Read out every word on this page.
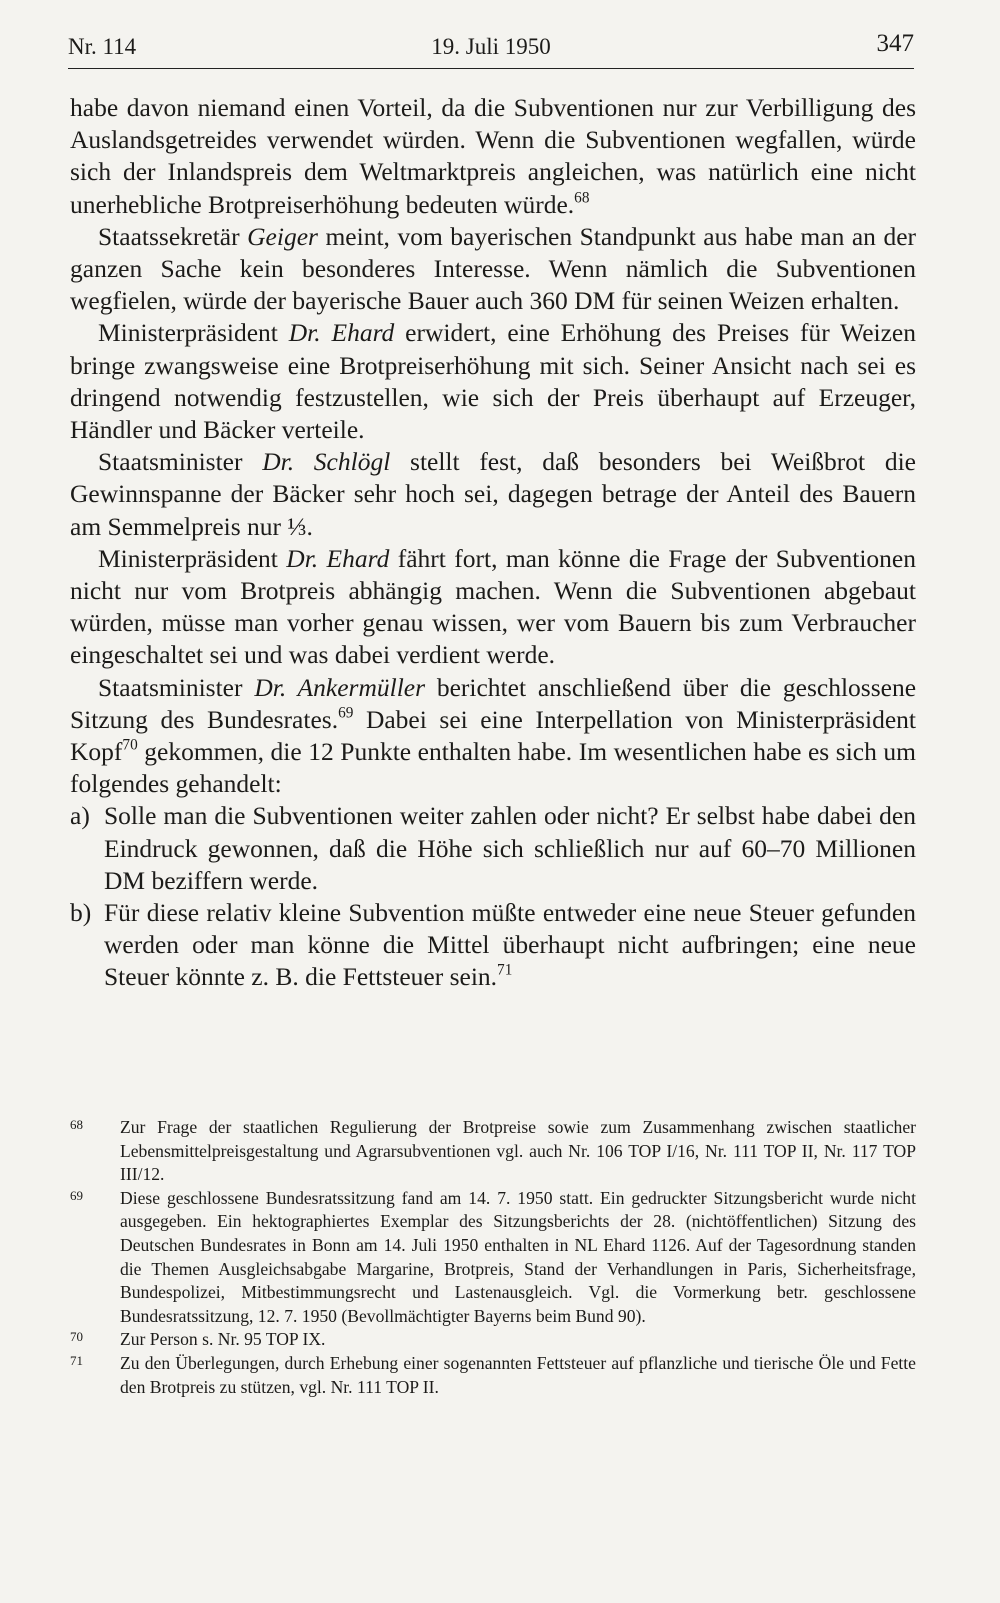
Nr. 114	19. Juli 1950	347

habe davon niemand einen Vorteil, da die Subventionen nur zur Verbilligung des Auslandsgetreides verwendet würden. Wenn die Subventionen wegfallen, würde sich der Inlandspreis dem Weltmarktpreis angleichen, was natürlich eine nicht unerhebliche Brotpreiserhöhung bedeuten würde.$^{68}$

Staatssekretär Geiger meint, vom bayerischen Standpunkt aus habe man an der ganzen Sache kein besonderes Interesse. Wenn nämlich die Subventionen wegfielen, würde der bayerische Bauer auch 360 DM für seinen Weizen erhalten.

Ministerpräsident Dr. Ehard erwidert, eine Erhöhung des Preises für Weizen bringe zwangsweise eine Brotpreiserhöhung mit sich. Seiner Ansicht nach sei es dringend notwendig festzustellen, wie sich der Preis überhaupt auf Erzeuger, Händler und Bäcker verteile.

Staatsminister Dr. Schlögl stellt fest, daß besonders bei Weißbrot die Gewinnspanne der Bäcker sehr hoch sei, dagegen betrage der Anteil des Bauern am Semmelpreis nur ⅓.

Ministerpräsident Dr. Ehard fährt fort, man könne die Frage der Subventionen nicht nur vom Brotpreis abhängig machen. Wenn die Subventionen abgebaut würden, müsse man vorher genau wissen, wer vom Bauern bis zum Verbraucher eingeschaltet sei und was dabei verdient werde.

Staatsminister Dr. Ankermüller berichtet anschließend über die geschlossene Sitzung des Bundesrates.$^{69}$ Dabei sei eine Interpellation von Ministerpräsident Kopf$^{70}$ gekommen, die 12 Punkte enthalten habe. Im wesentlichen habe es sich um folgendes gehandelt:

a) Solle man die Subventionen weiter zahlen oder nicht? Er selbst habe dabei den Eindruck gewonnen, daß die Höhe sich schließlich nur auf 60–70 Millionen DM beziffern werde.
b) Für diese relativ kleine Subvention müßte entweder eine neue Steuer gefunden werden oder man könne die Mittel überhaupt nicht aufbringen; eine neue Steuer könnte z. B. die Fettsteuer sein.$^{71}$
68 Zur Frage der staatlichen Regulierung der Brotpreise sowie zum Zusammenhang zwischen staatlicher Lebensmittelpreisgestaltung und Agrarsubventionen vgl. auch Nr. 106 TOP I/16, Nr. 111 TOP II, Nr. 117 TOP III/12.
69 Diese geschlossene Bundesratssitzung fand am 14. 7. 1950 statt. Ein gedruckter Sitzungsbericht wurde nicht ausgegeben. Ein hektographiertes Exemplar des Sitzungsberichts der 28. (nichtöffentlichen) Sitzung des Deutschen Bundesrates in Bonn am 14. Juli 1950 enthalten in NL Ehard 1126. Auf der Tagesordnung standen die Themen Ausgleichsabgabe Margarine, Brotpreis, Stand der Verhandlungen in Paris, Sicherheitsfrage, Bundespolizei, Mitbestimmungsrecht und Lastenausgleich. Vgl. die Vormerkung betr. geschlossene Bundesratssitzung, 12. 7. 1950 (Bevollmächtigter Bayerns beim Bund 90).
70 Zur Person s. Nr. 95 TOP IX.
71 Zu den Überlegungen, durch Erhebung einer sogenannten Fettsteuer auf pflanzliche und tierische Öle und Fette den Brotpreis zu stützen, vgl. Nr. 111 TOP II.
